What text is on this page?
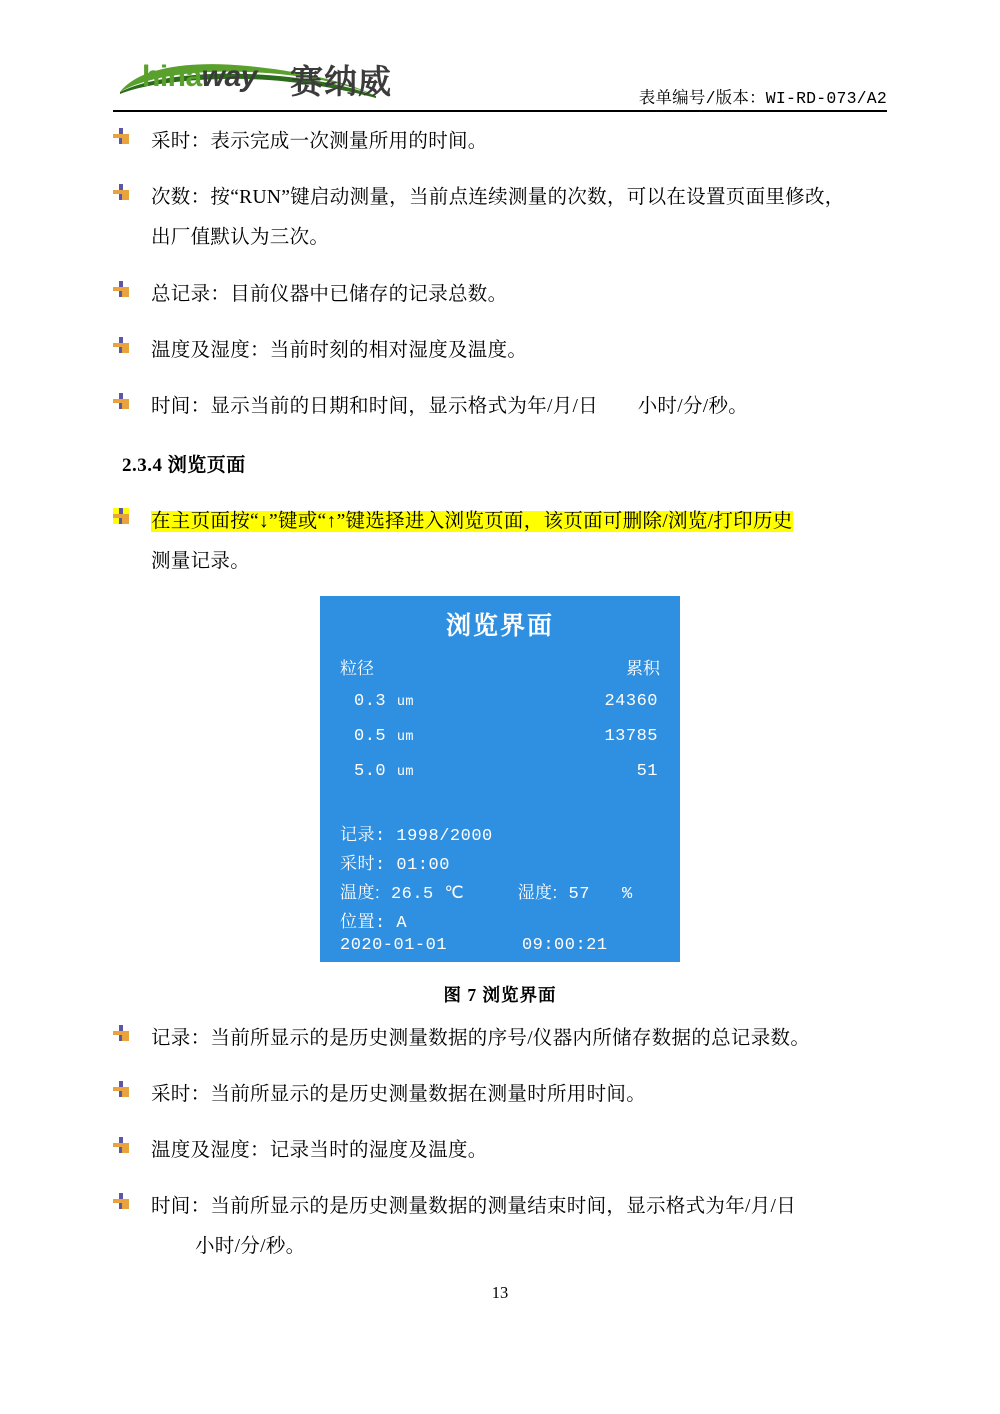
hinaway 赛纳威	表单编号/版本：WI-RD-073/A2
采时：表示完成一次测量所用的时间。
次数：按“RUN”键启动测量，当前点连续测量的次数，可以在设置页面里修改，
出厂值默认为三次。
总记录：目前仪器中已储存的记录总数。
温度及湿度：当前时刻的相对湿度及温度。
时间：显示当前的日期和时间，显示格式为年/月/日　　小时/分/秒。
2.3.4 浏览页面
在主页面按“↓”键或“↑”键选择进入浏览页面，该页面可删除/浏览/打印历史
测量记录。
浏览界面
粒径	累积
0.3 um	24360
0.5 um	13785
5.0 um	51
记录: 1998/2000
采时: 01:00
温度: 26.5 ℃	湿度: 57 %
位置: A
2020-01-01	09:00:21
图 7 浏览界面
记录：当前所显示的是历史测量数据的序号/仪器内所储存数据的总记录数。
采时：当前所显示的是历史测量数据在测量时所用时间。
温度及湿度：记录当时的湿度及温度。
时间：当前所显示的是历史测量数据的测量结束时间，显示格式为年/月/日
小时/分/秒。
13
